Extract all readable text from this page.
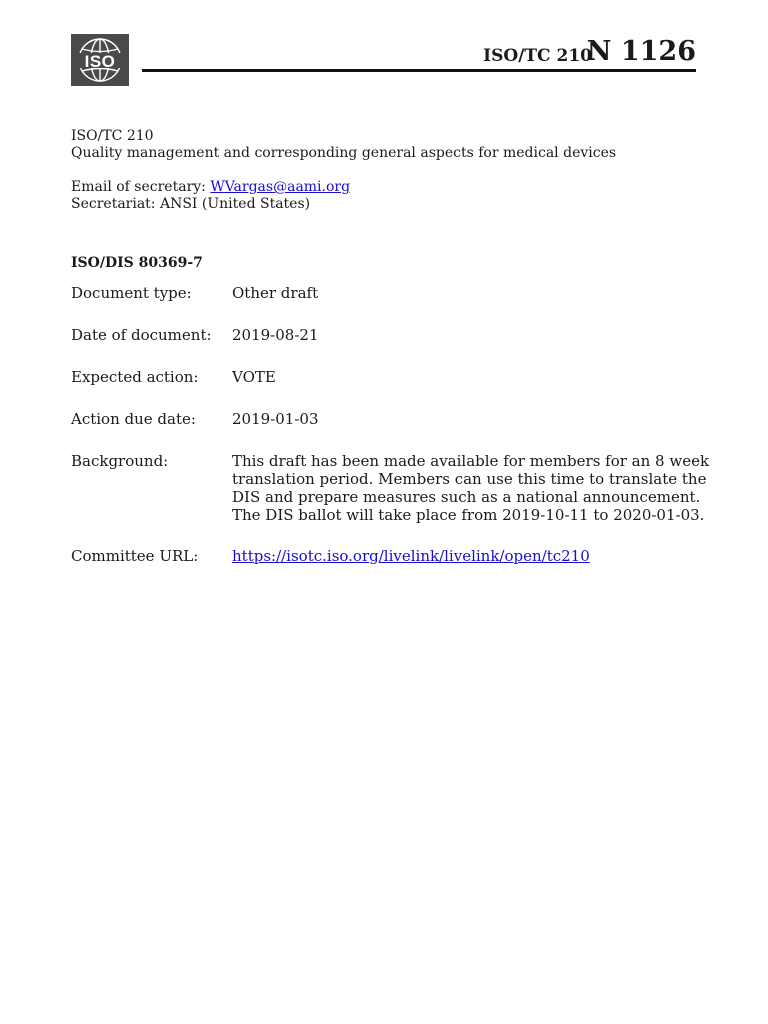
ISO	ISO/TC 210
N 1126
ISO/TC 210
Quality management and corresponding general aspects for medical devices
Email of secretary: WVargas@aami.org
Secretariat: ANSI (United States)
ISO/DIS 80369-7
Document type:	Other draft
Date of document: 2019-08-21
Expected action: VOTE
Action due date: 2019-01-03
Background:	This draft has been made available for members for an 8 week
translation period. Members can use this time to translate the
DIS and prepare measures such as a national announcement.
The DIS ballot will take place from 2019-10-11 to 2020-01-03.
Committee URL: https://isotc.iso.org/livelink/livelink/open/tc210
